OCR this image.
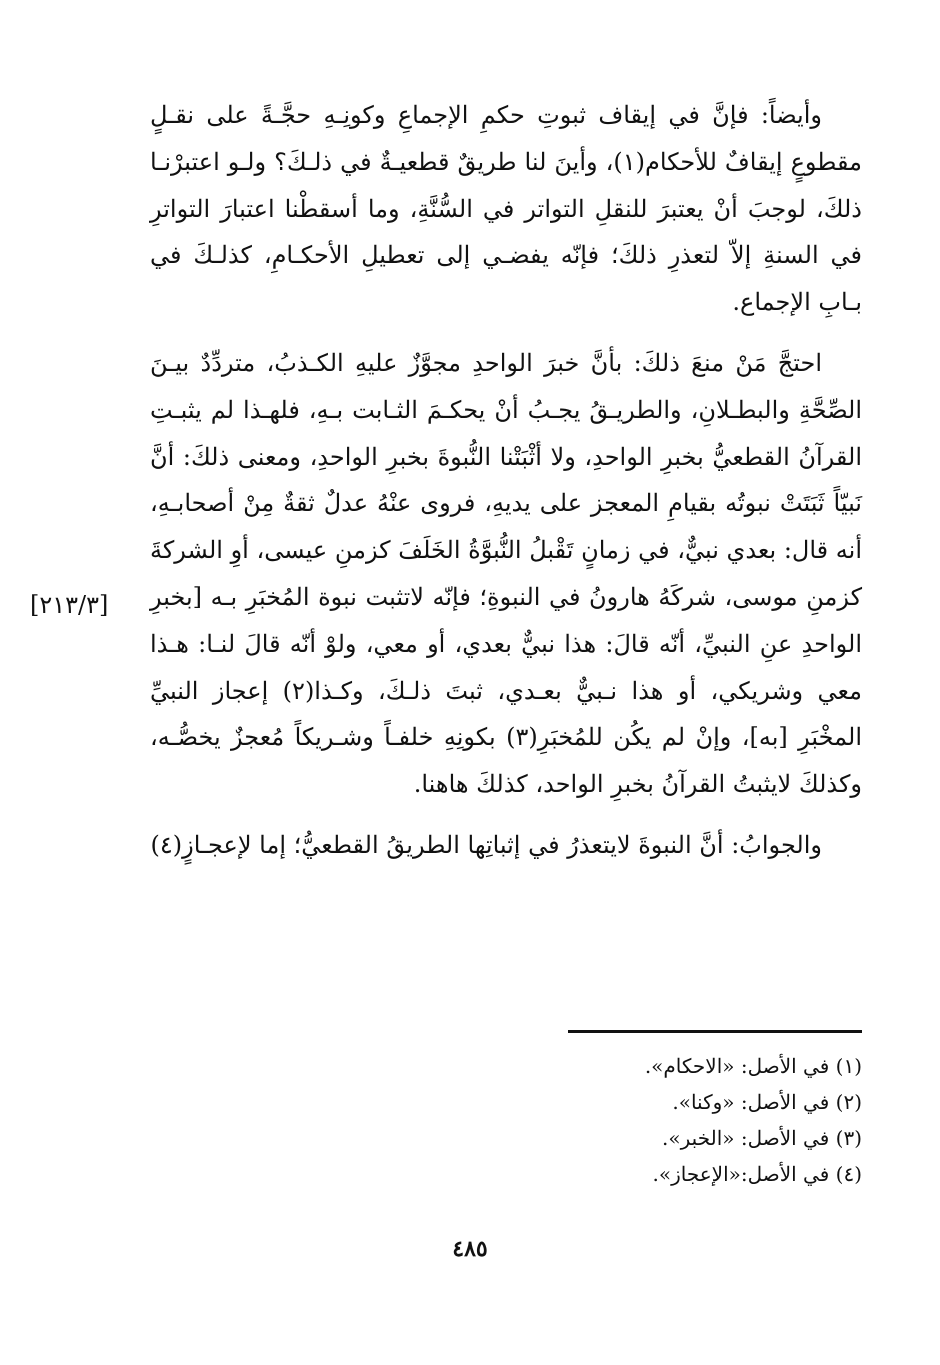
وأيضاً: فإنَّ في إيقاف ثبوتِ حكمِ الإجماعِ وكونِـهِ حجَّـةً على نقـلٍ مقطوعٍ إيقافٌ للأحكام(١)، وأينَ لنا طريقٌ قطعيـةٌ في ذلـكَ؟ ولـو اعتبرْنـا ذلكَ، لوجبَ أنْ يعتبرَ للنقلِ التواتر في السُّنَّةِ، وما أسقطْنا اعتبارَ التواترِ في السنةِ إلاّ لتعذرِ ذلكَ؛ فإنّه يفضـي إلى تعطيلِ الأحكـامِ، كذلـكَ في بـابِ الإجماع.

احتجَّ مَنْ منعَ ذلكَ: بأنَّ خبرَ الواحدِ مجوَّزٌ عليهِ الكـذبُ، متردِّدٌ بيـنَ الصِّحَّةِ والبطـلانِ، والطريـقُ يجـبُ أنْ يحكـمَ الثـابت بـهِ، فلهـذا لم يثبـتِ القرآنُ القطعيُّ بخبرِ الواحدِ، ولا أثْبَتْنا النُّبوةَ بخبرِ الواحدِ، ومعنى ذلكَ: أنَّ نَبيّاً ثَبَتَتْ نبوتُه بقيامِ المعجز على يديهِ، فروى عنْهُ عدلٌ ثقةٌ مِنْ أصحابـهِ، أنه قال: بعدي نبيٌّ، في زمانٍ تَقْبلُ النُّبوَّةُ الخَلَفَ كزمنِ عيسى، أوِ الشركةَ كزمنِ موسى، شركَهُ هارونُ في النبوةِ؛ فإنّه لاتثبت نبوة المُخبَرِ بـه [بخبرِ الواحدِ عنِ النبيِّ، أنّه قالَ: هذا نبيٌّ بعدي، أو معي، ولوْ أنّه قالَ لنـا: هـذا معي وشريكي، أو هذا نـبيٌّ بعـدي، ثبتَ ذلـكَ، وكـذا(٢) إعجاز النبيِّ المخْبَرِ [به]، وإنْ لم يكُن للمُخبَرِ(٣) بكونِهِ خلفـاً وشـريكاً مُعجزٌ يخصُّـه، وكذلكَ لايثبتُ القرآنُ بخبرِ الواحد، كذلكَ هاهنا.

والجوابُ: أنَّ النبوةَ لايتعذرُ في إثباتِها الطريقُ القطعيُّ؛ إما لإعجـازٍ(٤)

[٢١٣/٣]

(١) في الأصل: «الاحكام».

(٢) في الأصل: «وكنا».

(٣) في الأصل: «الخبر».

(٤) في الأصل:«الإعجاز».

٤٨٥
